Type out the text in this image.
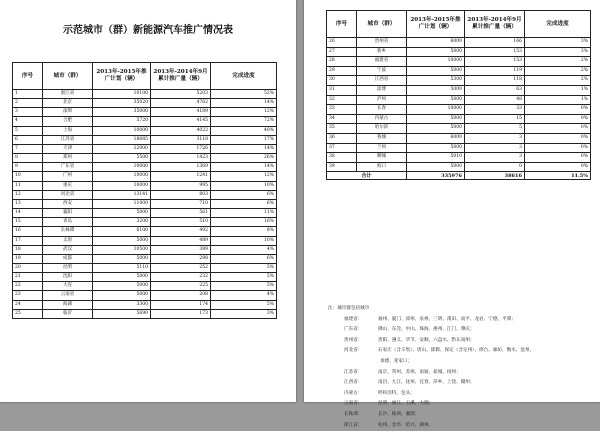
示范城市（群）新能源汽车推广情况表
序号	城市（群）	2013年-2015年推广计划（辆）	2013年-2014年9月累计推广量（辆）	完成进度
1	浙江省	10100	5203	52%
2	北京	35020	4762	14%
3	深圳	35000	4189	12%
4	合肥	5720	4145	72%
5	上海	10000	4022	40%
6	江苏省	18085	3118	17%
7	天津	12000	1726	14%
8	郑州	5500	1423	26%
9	广东省	10000	1369	14%
10	广州	10000	1241	12%
11	重庆	10000	995	10%
12	河北省	13141	803	6%
13	西安	11000	710	6%
14	襄阳	5000	561	11%
15	青岛	3200	510	16%
16	长株潭	6100	492	8%
17	太原	5000	489	10%
18	武汉	10500	389	4%
19	成都	5000	298	6%
20	昆明	5110	252	5%
21	沈阳	5000	232	5%
22	大连	5000	225	5%
23	云南省	5000	208	4%
24	海湖	3300	174	5%
25	临沂	5690	173	3%
序号	城市（群）	2013年-2015年推广计划（辆）	2013年-2014年9月累计推广量（辆）	完成进度
26	贵州省	6000	166	3%
27	新乡	5000	153	3%
28	福建省	10000	153	2%
29	宁波	5000	119	2%
30	江西省	5300	118	2%
31	淄博	5000	63	1%
32	泸州	5000	48	1%
33	长春	10000	33	0%
34	内蒙古	5000	15	0%
35	哈尔滨	5000	5	0%
36	鲁城	6000	3	0%
37	兰州	5000	3	0%
38	聊城	5010	3	0%
39	海口	5000	0	0%
合计		335976	38616	11.5%
注：城市群包括城市
福建省：	福州、厦门、漳州、泉州、三明、莆田、南平、龙岩、宁德、平潭；
广东省：	佛山、东莞、中山、珠海、惠州、江门、肇庆；
贵州省：	贵阳、遵义、毕节、安顺、六盘水、黔东南州；
河北省：	石家庄（含辛集）、唐山、邯郸、保定（含定州）、邢台、廊坊、衡水、沧州、
承德、张家口；
江苏省：	南京、常州、苏州、南通、盐城、扬州；
江西省：	南昌、九江、抚州、宜春、萍乡、上饶、赣州；
内蒙古：	呼和浩特、包头；
云南省：	昆明、丽江、玉溪、大理；
长株潭：	长沙、株洲、湘潭；
浙江省：	杭州、金华、绍兴、湖州。
